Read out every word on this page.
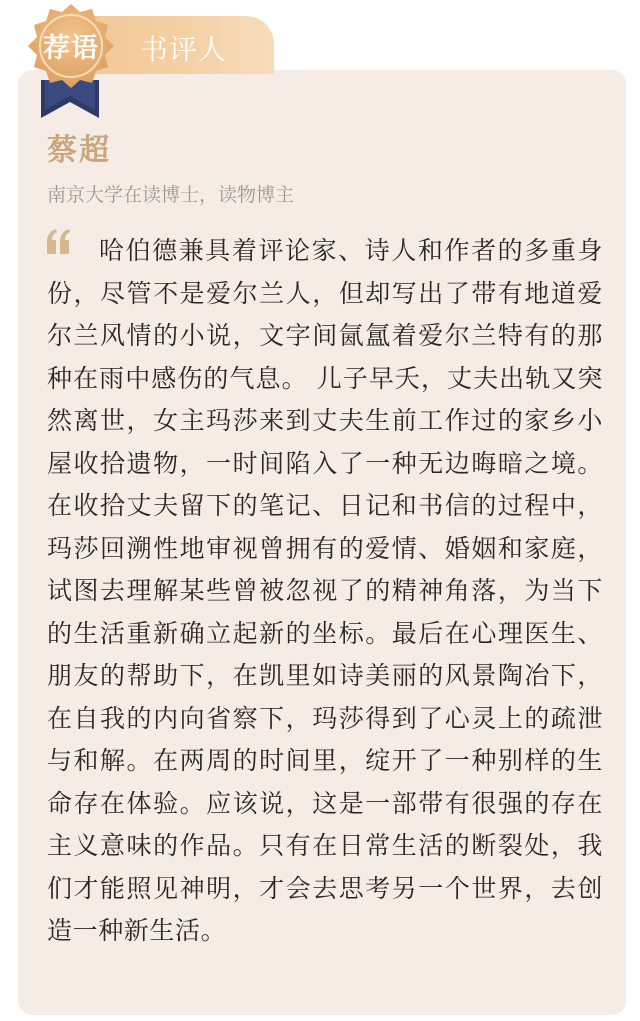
书评人
荐语
蔡超
南京大学在读博士，读物博主

哈伯德兼具着评论家、诗人和作者的多重身份，尽管不是爱尔兰人，但却写出了带有地道爱尔兰风情的小说，文字间氤氲着爱尔兰特有的那种在雨中感伤的气息。 儿子早夭，丈夫出轨又突然离世，女主玛莎来到丈夫生前工作过的家乡小屋收拾遗物，一时间陷入了一种无边晦暗之境。在收拾丈夫留下的笔记、日记和书信的过程中，玛莎回溯性地审视曾拥有的爱情、婚姻和家庭，试图去理解某些曾被忽视了的精神角落，为当下的生活重新确立起新的坐标。最后在心理医生、朋友的帮助下，在凯里如诗美丽的风景陶冶下，在自我的内向省察下，玛莎得到了心灵上的疏泄与和解。在两周的时间里，绽开了一种别样的生命存在体验。应该说，这是一部带有很强的存在主义意味的作品。只有在日常生活的断裂处，我们才能照见神明，才会去思考另一个世界，去创造一种新生活。
